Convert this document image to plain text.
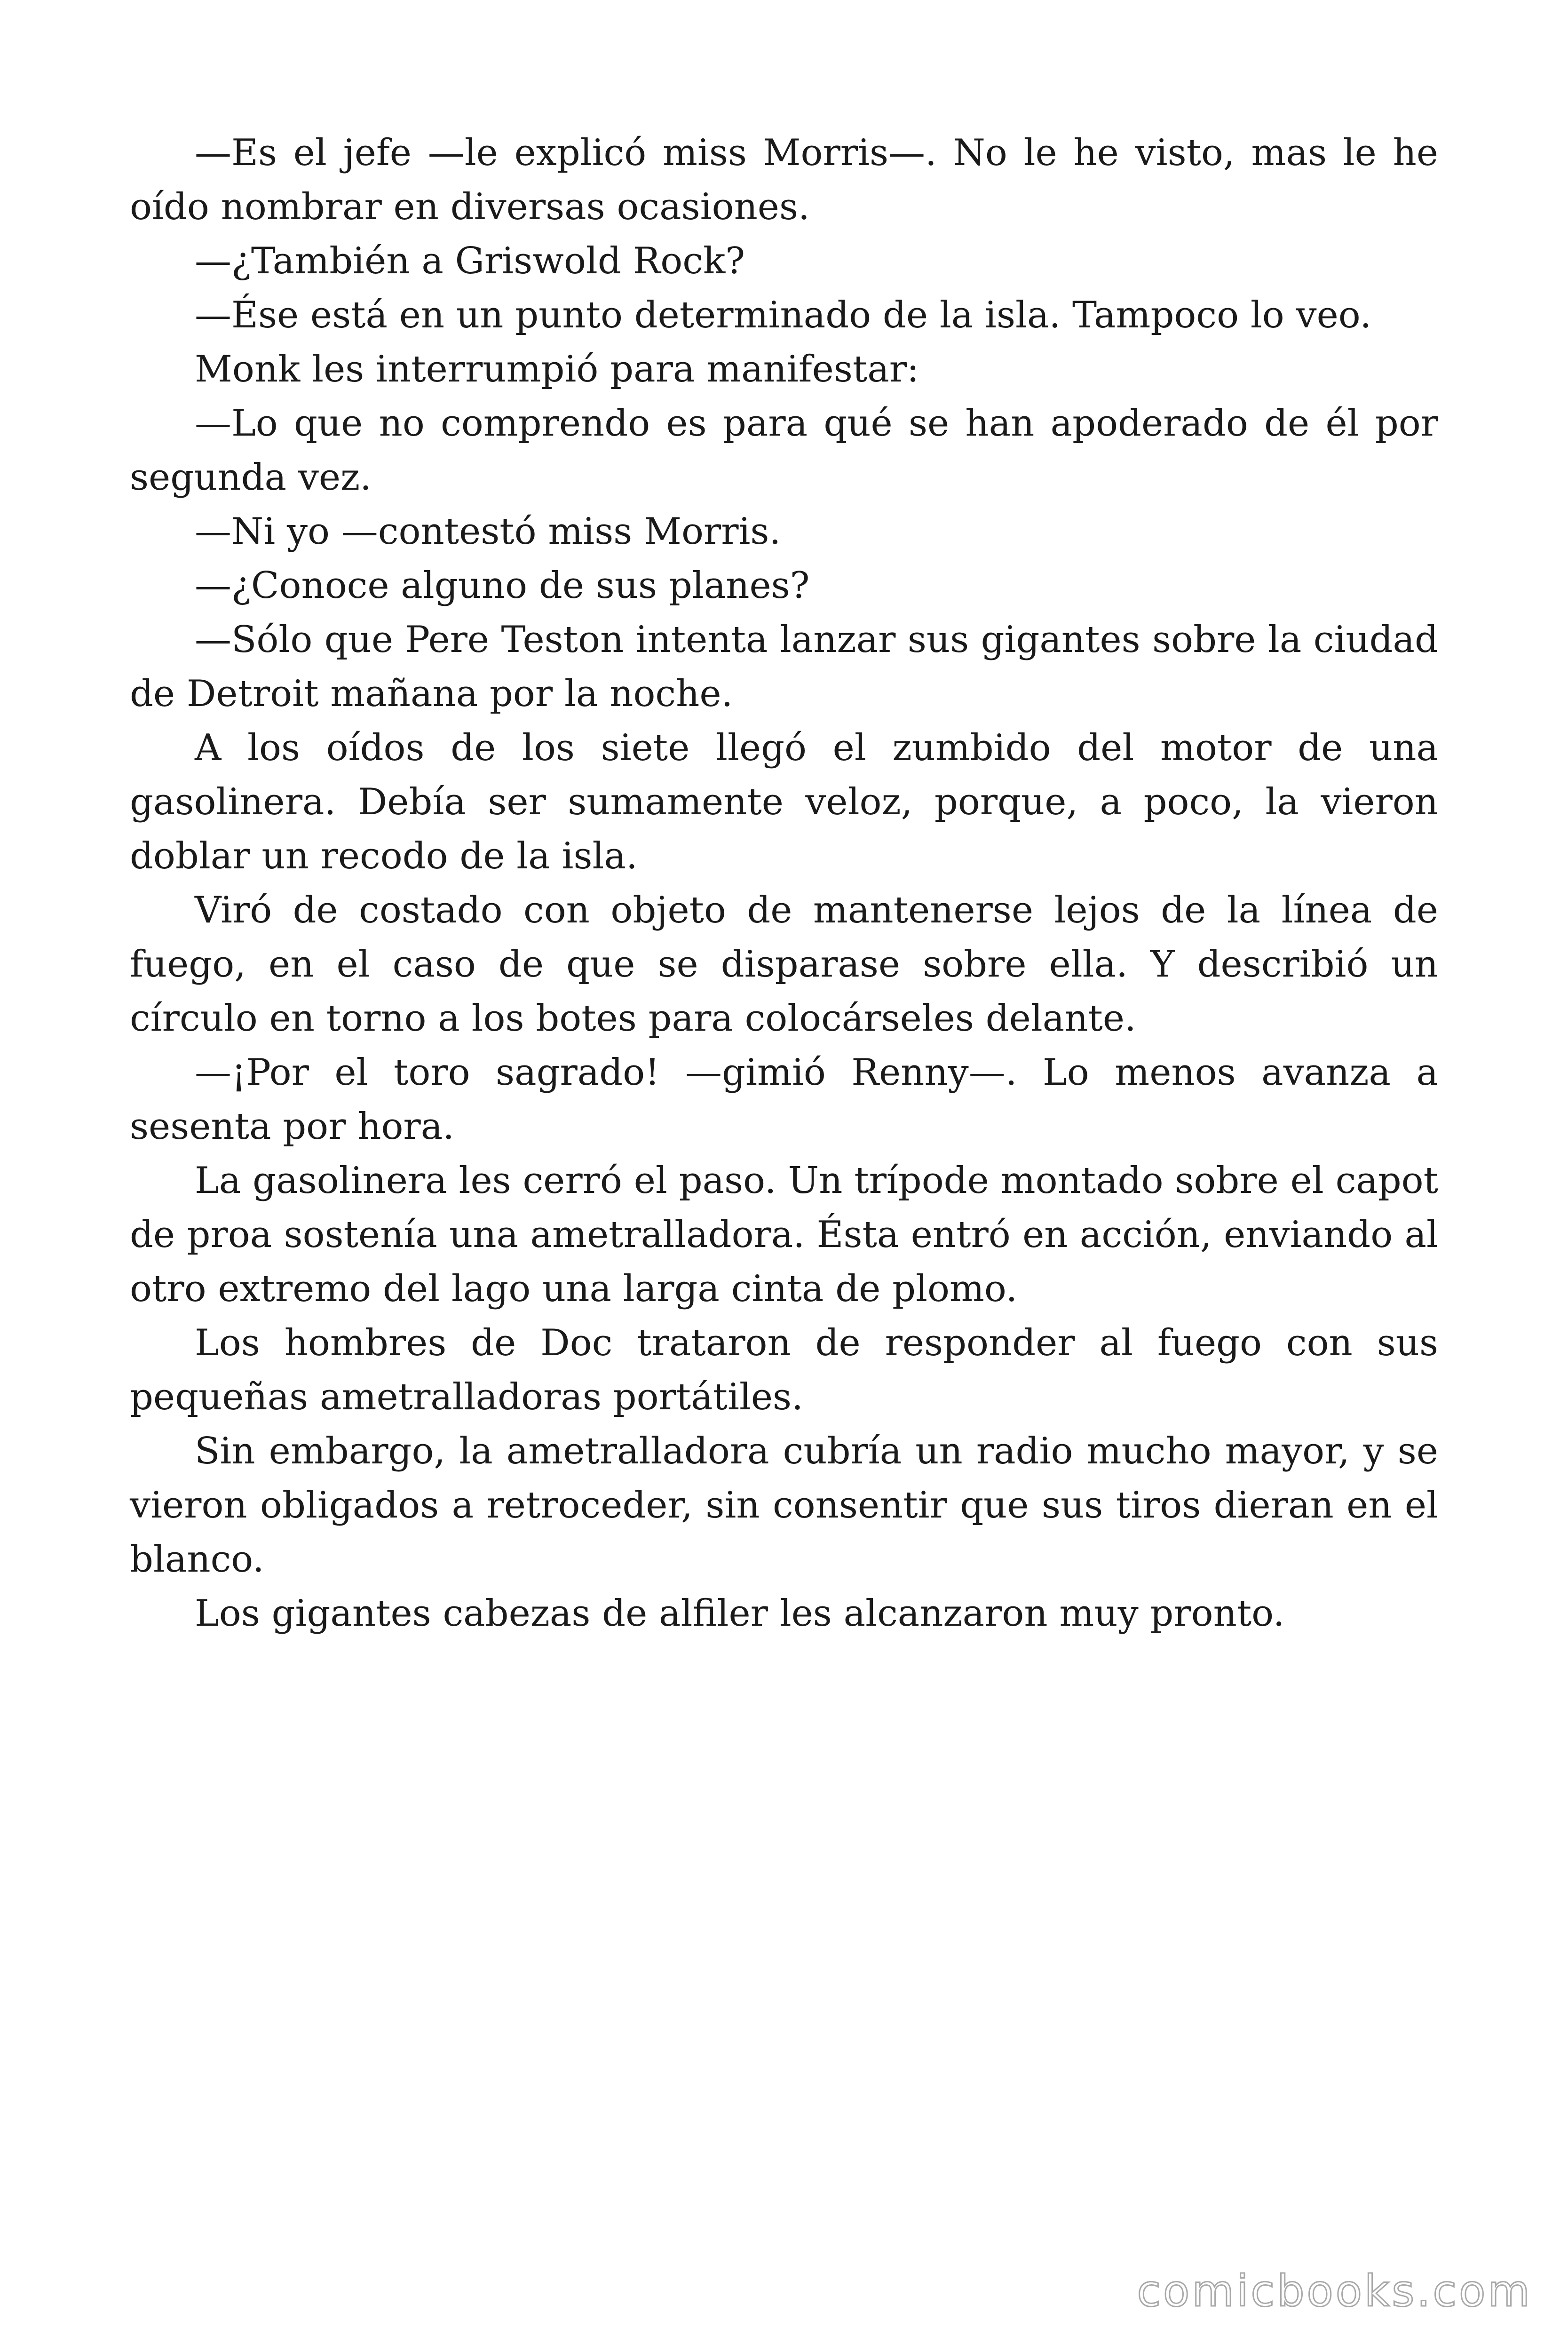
—Es el jefe —le explicó miss Morris—. No le he visto, mas le he oído nombrar en diversas ocasiones.

—¿También a Griswold Rock?

—Ése está en un punto determinado de la isla. Tampoco lo veo.

Monk les interrumpió para manifestar:

—Lo que no comprendo es para qué se han apoderado de él por segunda vez.

—Ni yo —contestó miss Morris.

—¿Conoce alguno de sus planes?

—Sólo que Pere Teston intenta lanzar sus gigantes sobre la ciudad de Detroit mañana por la noche.

A los oídos de los siete llegó el zumbido del motor de una gasolinera. Debía ser sumamente veloz, porque, a poco, la vieron doblar un recodo de la isla.

Viró de costado con objeto de mantenerse lejos de la línea de fuego, en el caso de que se disparase sobre ella. Y describió un círculo en torno a los botes para colocárseles delante.

—¡Por el toro sagrado! —gimió Renny—. Lo menos avanza a sesenta por hora.

La gasolinera les cerró el paso. Un trípode montado sobre el capot de proa sostenía una ametralladora. Ésta entró en acción, enviando al otro extremo del lago una larga cinta de plomo.

Los hombres de Doc trataron de responder al fuego con sus pequeñas ametralladoras portátiles.

Sin embargo, la ametralladora cubría un radio mucho mayor, y se vieron obligados a retroceder, sin consentir que sus tiros dieran en el blanco.

Los gigantes cabezas de alfiler les alcanzaron muy pronto.

comicbooks.com
